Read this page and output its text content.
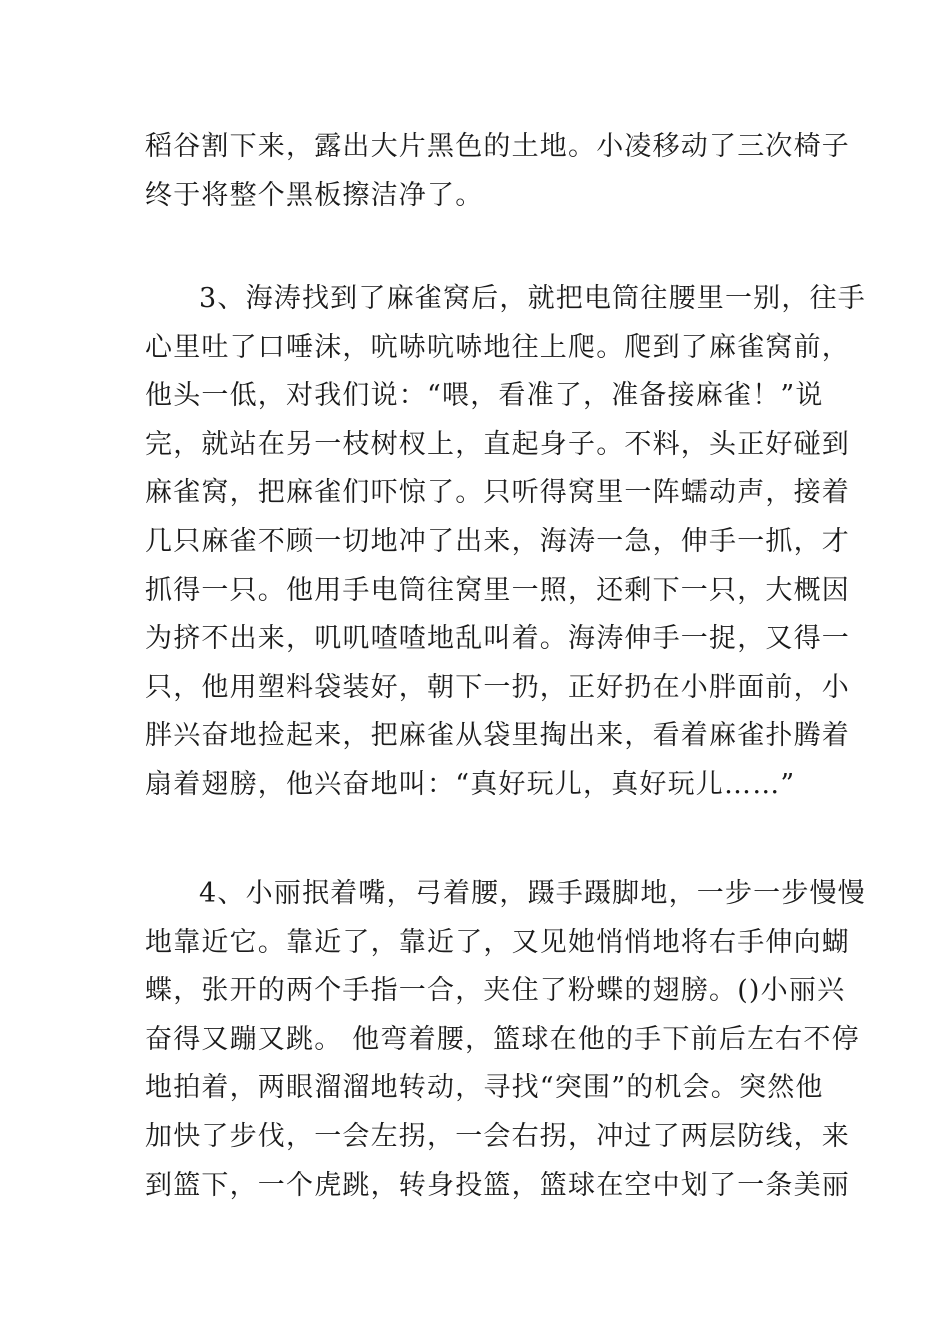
稻谷割下来，露出大片黑色的土地。小凌移动了三次椅子
终于将整个黑板擦洁净了。
3、海涛找到了麻雀窝后，就把电筒往腰里一别，往手
心里吐了口唾沫，吭哧吭哧地往上爬。爬到了麻雀窝前，
他头一低，对我们说：“喂，看准了，准备接麻雀！”说
完，就站在另一枝树杈上，直起身子。不料，头正好碰到
麻雀窝，把麻雀们吓惊了。只听得窝里一阵蠕动声，接着
几只麻雀不顾一切地冲了出来，海涛一急，伸手一抓，才
抓得一只。他用手电筒往窝里一照，还剩下一只，大概因
为挤不出来，叽叽喳喳地乱叫着。海涛伸手一捉，又得一
只，他用塑料袋装好，朝下一扔，正好扔在小胖面前，小
胖兴奋地捡起来，把麻雀从袋里掏出来，看着麻雀扑腾着
扇着翅膀，他兴奋地叫：“真好玩儿，真好玩儿……”
4、小丽抿着嘴，弓着腰，蹑手蹑脚地，一步一步慢慢
地靠近它。靠近了，靠近了，又见她悄悄地将右手伸向蝴
蝶，张开的两个手指一合，夹住了粉蝶的翅膀。()小丽兴
奋得又蹦又跳。 他弯着腰，篮球在他的手下前后左右不停
地拍着，两眼溜溜地转动，寻找“突围”的机会。突然他
加快了步伐，一会左拐，一会右拐，冲过了两层防线，来
到篮下，一个虎跳，转身投篮，篮球在空中划了一条美丽
